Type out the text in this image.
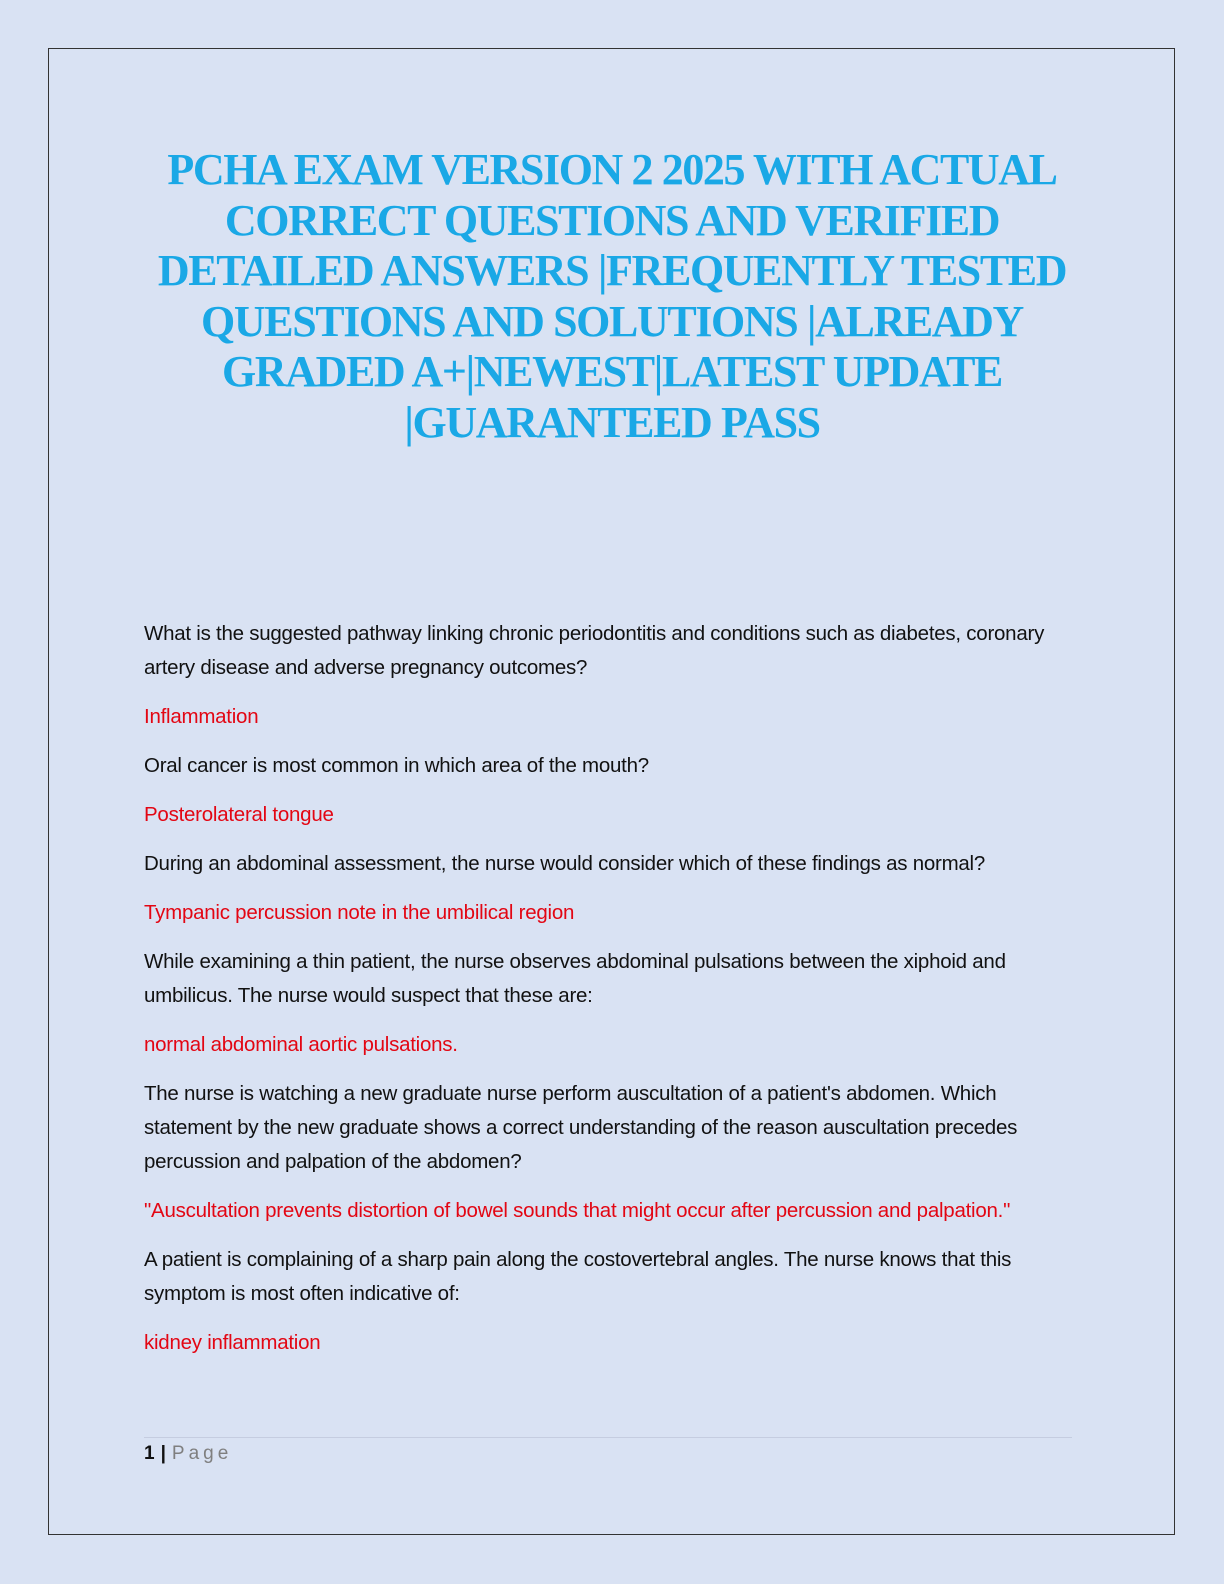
PCHA EXAM VERSION 2 2025 WITH ACTUAL CORRECT QUESTIONS AND VERIFIED DETAILED ANSWERS |FREQUENTLY TESTED QUESTIONS AND SOLUTIONS |ALREADY GRADED A+|NEWEST|LATEST UPDATE |GUARANTEED PASS

What is the suggested pathway linking chronic periodontitis and conditions such as diabetes, coronary artery disease and adverse pregnancy outcomes?

Inflammation

Oral cancer is most common in which area of the mouth?

Posterolateral tongue

During an abdominal assessment, the nurse would consider which of these findings as normal?

Tympanic percussion note in the umbilical region

While examining a thin patient, the nurse observes abdominal pulsations between the xiphoid and umbilicus. The nurse would suspect that these are:

normal abdominal aortic pulsations.

The nurse is watching a new graduate nurse perform auscultation of a patient's abdomen. Which statement by the new graduate shows a correct understanding of the reason auscultation precedes percussion and palpation of the abdomen?

"Auscultation prevents distortion of bowel sounds that might occur after percussion and palpation."

A patient is complaining of a sharp pain along the costovertebral angles. The nurse knows that this symptom is most often indicative of:

kidney inflammation

1 | Page
